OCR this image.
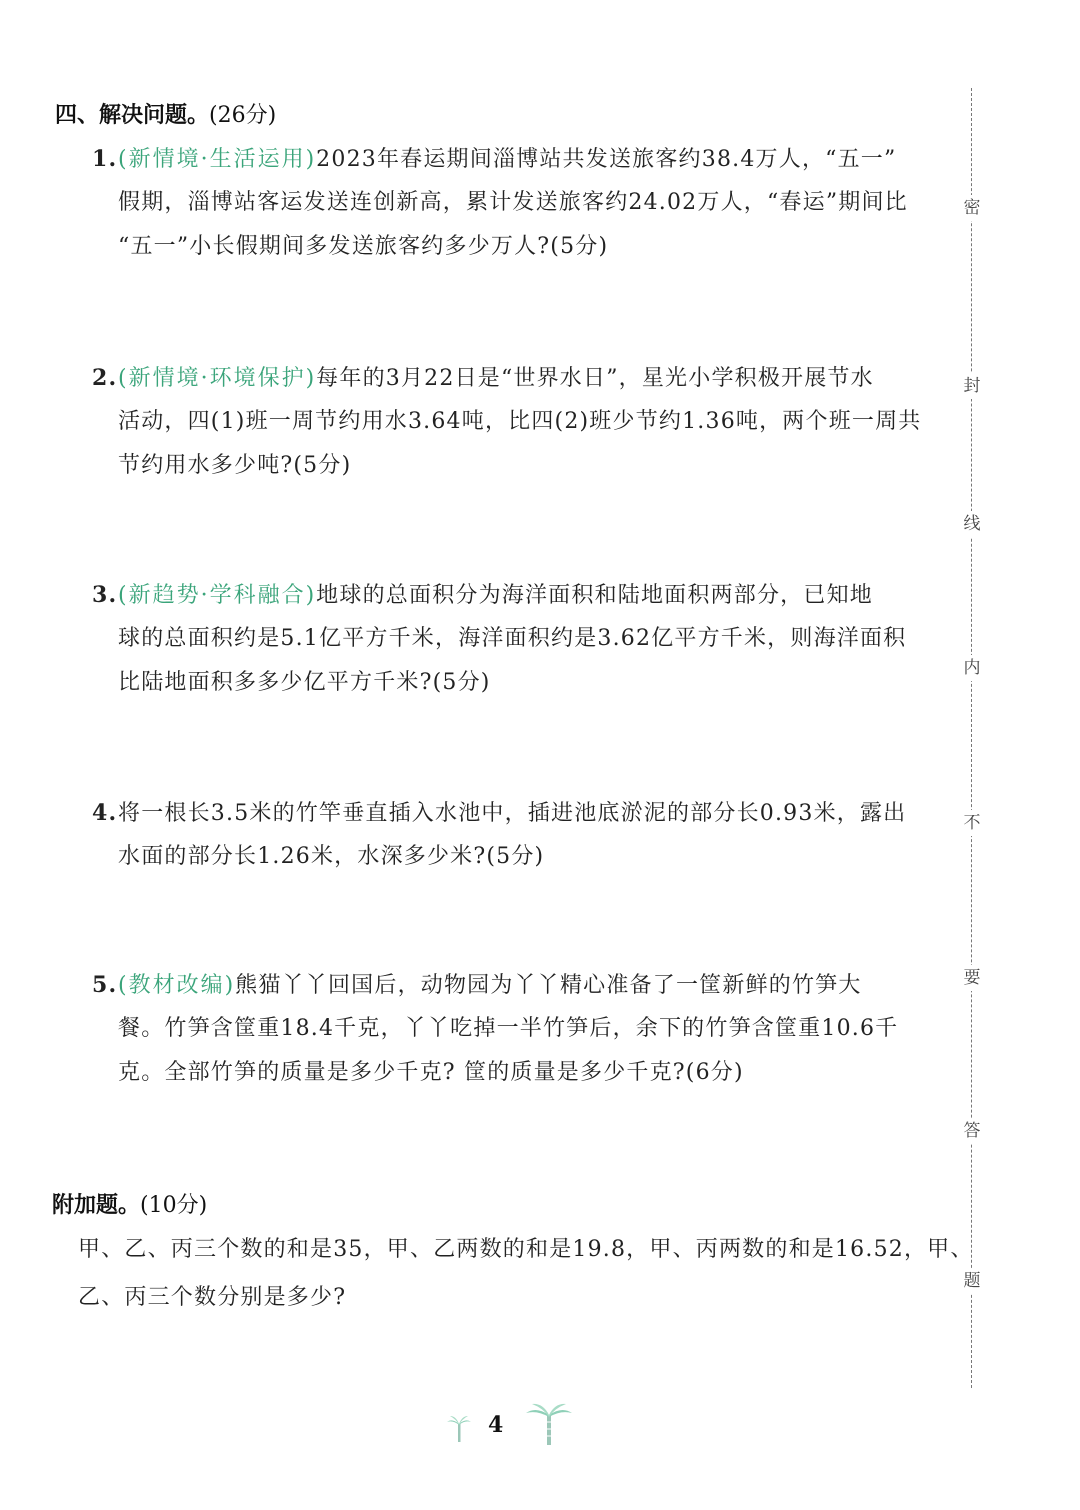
四、解决问题。(26分)
1.(新情境·生活运用)2023年春运期间淄博站共发送旅客约38.4万人，“五一”
假期，淄博站客运发送连创新高，累计发送旅客约24.02万人，“春运”期间比
“五一”小长假期间多发送旅客约多少万人?(5分)
2.(新情境·环境保护)每年的3月22日是“世界水日”，星光小学积极开展节水
活动，四(1)班一周节约用水3.64吨，比四(2)班少节约1.36吨，两个班一周共
节约用水多少吨?(5分)
3.(新趋势·学科融合)地球的总面积分为海洋面积和陆地面积两部分，已知地
球的总面积约是5.1亿平方千米，海洋面积约是3.62亿平方千米，则海洋面积
比陆地面积多多少亿平方千米?(5分)
4.将一根长3.5米的竹竿垂直插入水池中，插进池底淤泥的部分长0.93米，露出
水面的部分长1.26米，水深多少米?(5分)
5.(教材改编)熊猫丫丫回国后，动物园为丫丫精心准备了一筐新鲜的竹笋大
餐。竹笋含筐重18.4千克，丫丫吃掉一半竹笋后，余下的竹笋含筐重10.6千
克。全部竹笋的质量是多少千克? 筐的质量是多少千克?(6分)
附加题。(10分)
甲、乙、丙三个数的和是35，甲、乙两数的和是19.8，甲、丙两数的和是16.52，甲、
乙、丙三个数分别是多少?
密
封
线
内
不
要
答
题
4
